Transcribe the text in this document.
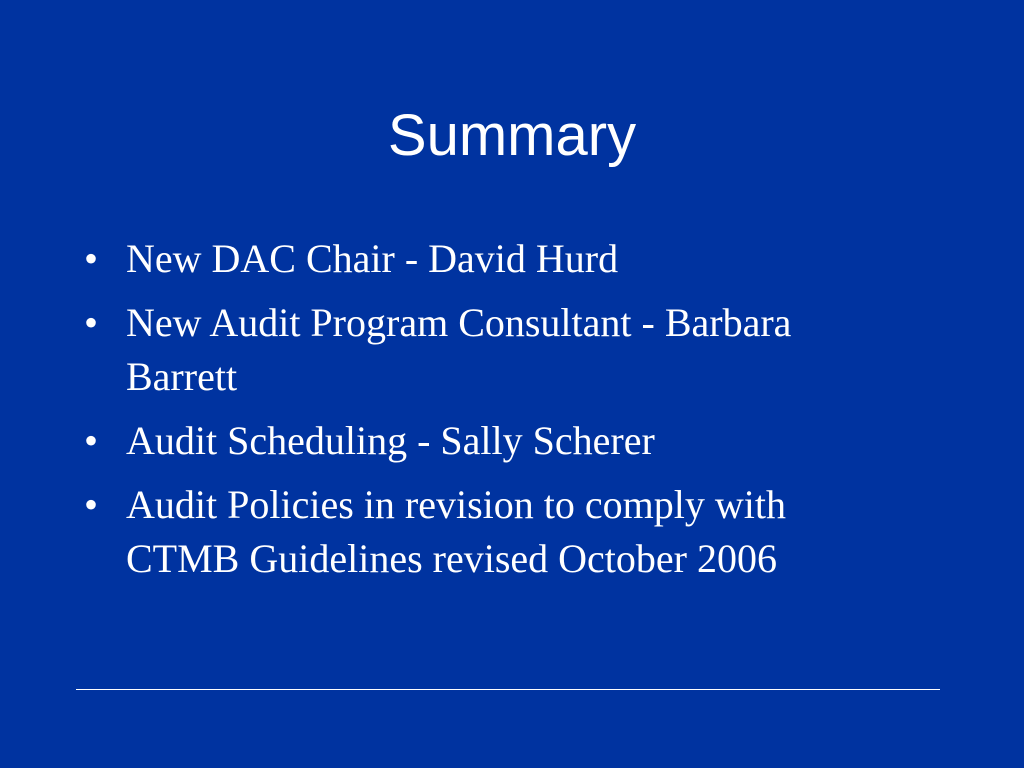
Summary
• New DAC Chair - David Hurd
• New Audit Program Consultant - Barbara Barrett
• Audit Scheduling - Sally Scherer
• Audit Policies in revision to comply with CTMB Guidelines revised October 2006
